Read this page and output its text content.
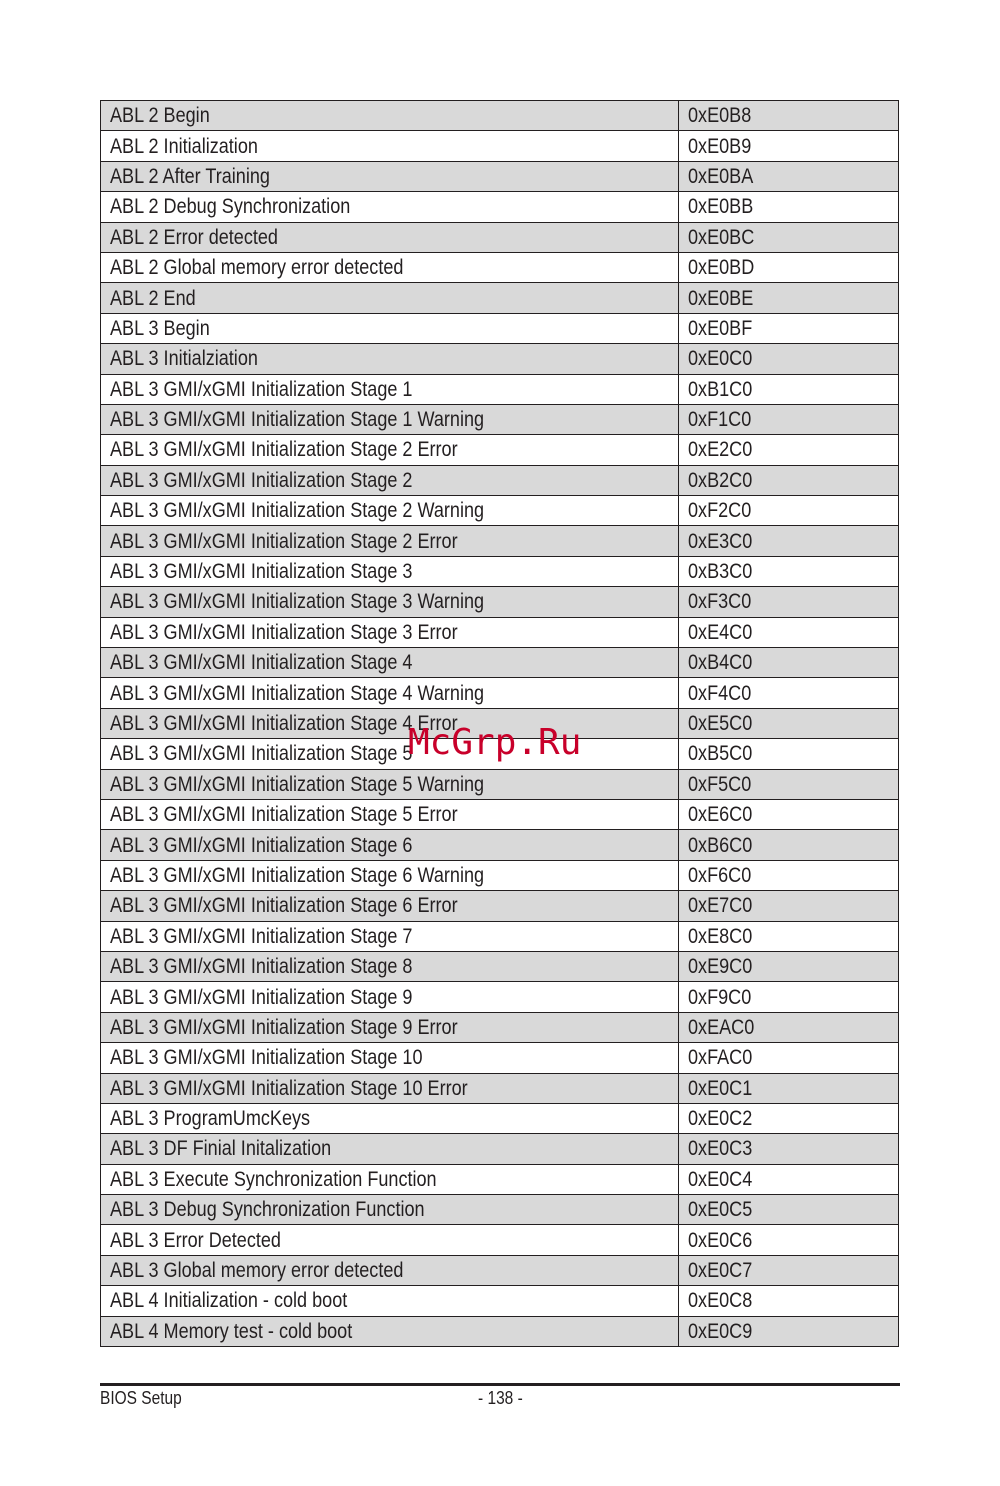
ABL 2 Begin	0xE0B8
ABL 2 Initialization	0xE0B9
ABL 2 After Training	0xE0BA
ABL 2 Debug Synchronization	0xE0BB
ABL 2 Error detected	0xE0BC
ABL 2 Global memory error detected	0xE0BD
ABL 2 End	0xE0BE
ABL 3 Begin	0xE0BF
ABL 3 Initialziation	0xE0C0
ABL 3 GMI/xGMI Initialization Stage 1	0xB1C0
ABL 3 GMI/xGMI Initialization Stage 1 Warning	0xF1C0
ABL 3 GMI/xGMI Initialization Stage 2 Error	0xE2C0
ABL 3 GMI/xGMI Initialization Stage 2	0xB2C0
ABL 3 GMI/xGMI Initialization Stage 2 Warning	0xF2C0
ABL 3 GMI/xGMI Initialization Stage 2 Error	0xE3C0
ABL 3 GMI/xGMI Initialization Stage 3	0xB3C0
ABL 3 GMI/xGMI Initialization Stage 3 Warning	0xF3C0
ABL 3 GMI/xGMI Initialization Stage 3 Error	0xE4C0
ABL 3 GMI/xGMI Initialization Stage 4	0xB4C0
ABL 3 GMI/xGMI Initialization Stage 4 Warning	0xF4C0
ABL 3 GMI/xGMI Initialization Stage 4 Error	0xE5C0
ABL 3 GMI/xGMI Initialization Stage 5	0xB5C0
ABL 3 GMI/xGMI Initialization Stage 5 Warning	0xF5C0
ABL 3 GMI/xGMI Initialization Stage 5 Error	0xE6C0
ABL 3 GMI/xGMI Initialization Stage 6	0xB6C0
ABL 3 GMI/xGMI Initialization Stage 6 Warning	0xF6C0
ABL 3 GMI/xGMI Initialization Stage 6 Error	0xE7C0
ABL 3 GMI/xGMI Initialization Stage 7	0xE8C0
ABL 3 GMI/xGMI Initialization Stage 8	0xE9C0
ABL 3 GMI/xGMI Initialization Stage 9	0xF9C0
ABL 3 GMI/xGMI Initialization Stage 9 Error	0xEAC0
ABL 3 GMI/xGMI Initialization Stage 10	0xFAC0
ABL 3 GMI/xGMI Initialization Stage 10 Error	0xE0C1
ABL 3 ProgramUmcKeys	0xE0C2
ABL 3 DF Finial Initalization	0xE0C3
ABL 3 Execute Synchronization Function	0xE0C4
ABL 3 Debug Synchronization Function	0xE0C5
ABL 3 Error Detected	0xE0C6
ABL 3 Global memory error detected	0xE0C7
ABL 4 Initialization - cold boot	0xE0C8
ABL 4 Memory test - cold boot	0xE0C9
McGrp.Ru
BIOS Setup	- 138 -
